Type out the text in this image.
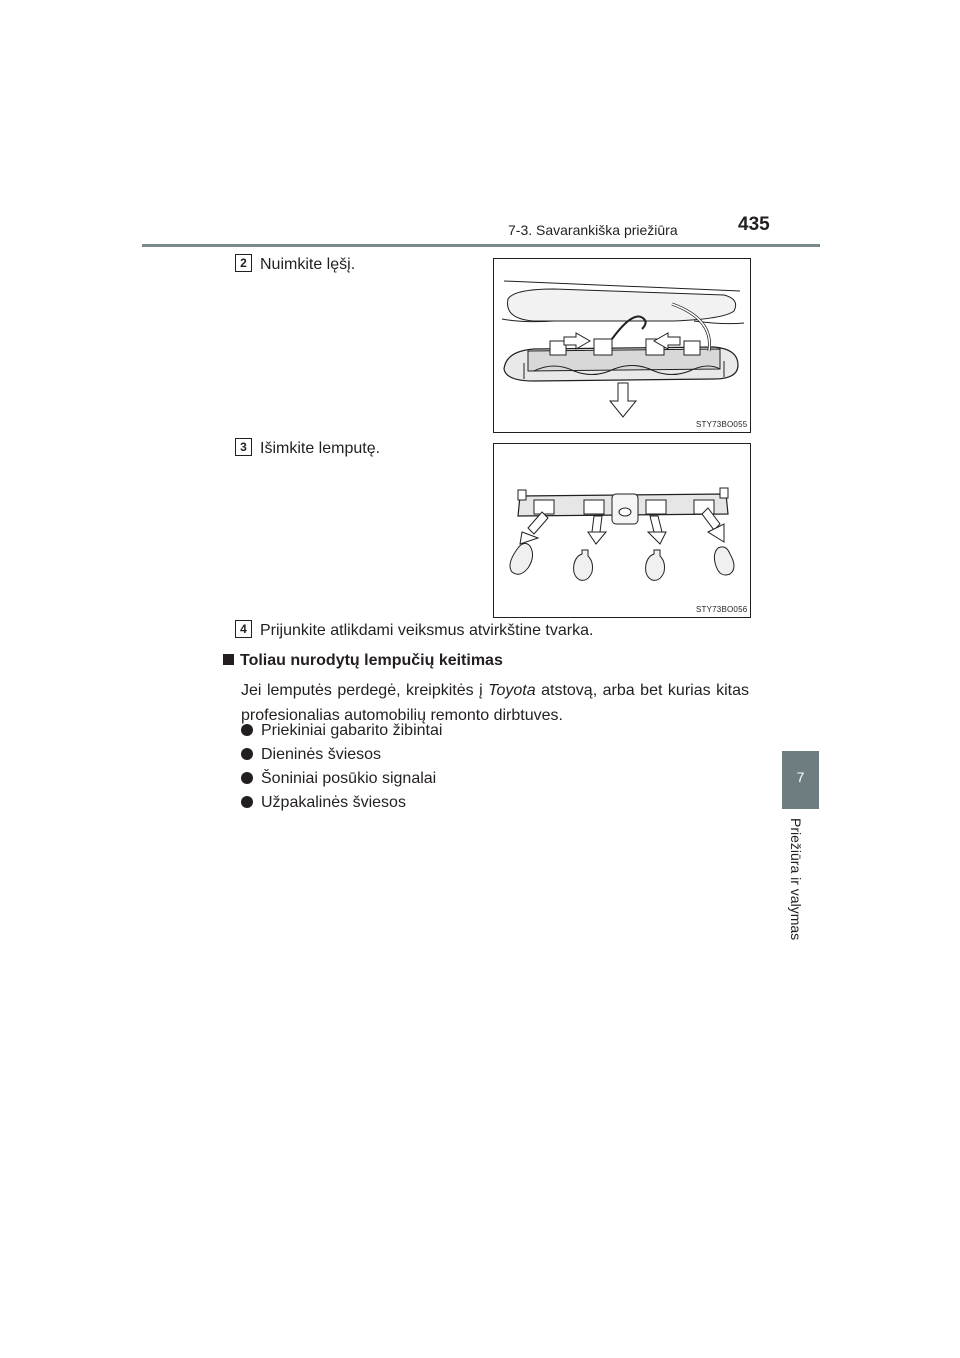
7-3. Savarankiška priežiūra	435
7
Priežiūra ir valymas
2 Nuimkite lęšį.
STY73BO055
3 Išimkite lemputę.
STY73BO056
4 Prijunkite atlikdami veiksmus atvirkštine tvarka.
Toliau nurodytų lempučių keitimas
Jei lemputės perdegė, kreipkitės į Toyota atstovą, arba bet kurias kitas profesionalias automobilių remonto dirbtuves.
Priekiniai gabarito žibintai
Dieninės šviesos
Šoniniai posūkio signalai
Užpakalinės šviesos
